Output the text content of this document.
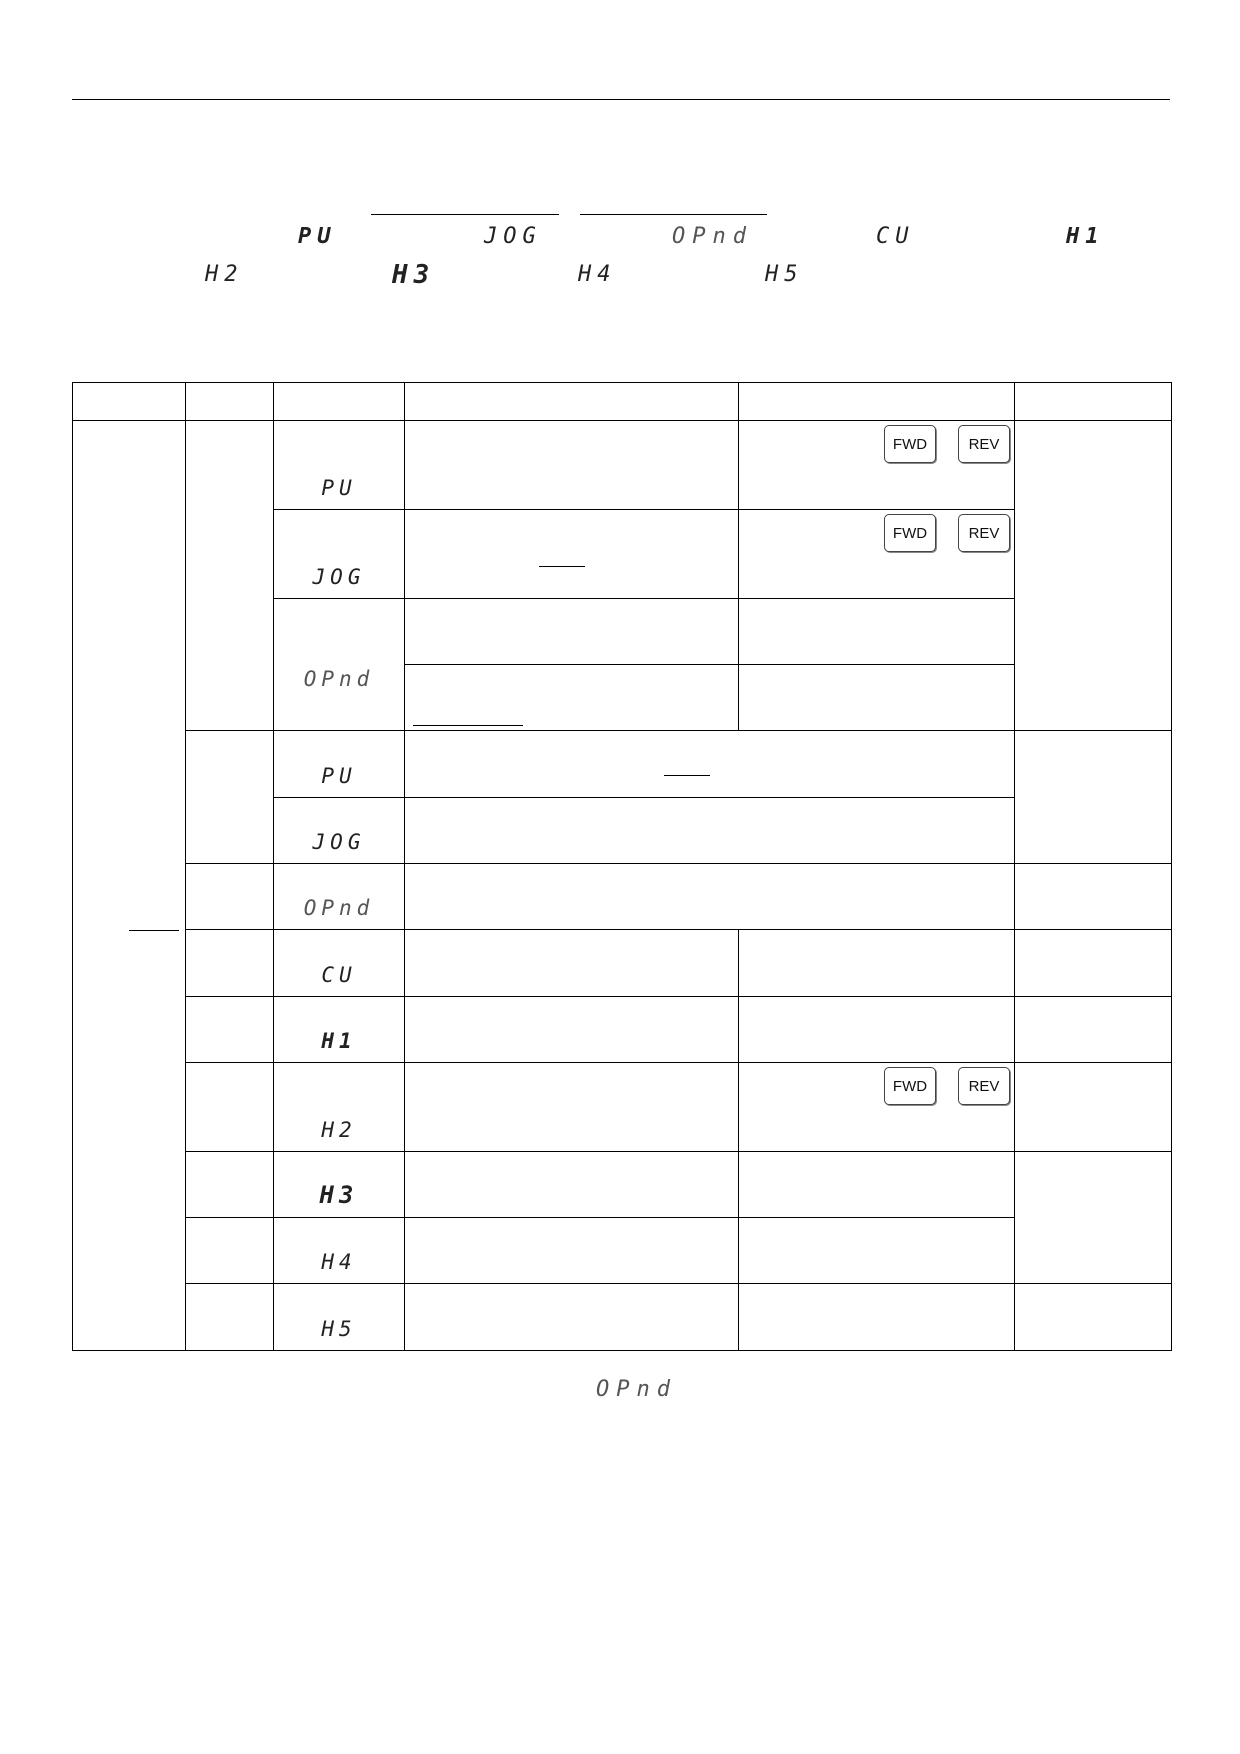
PU	JOG	OPnd	CU	H1
H2	H3	H4	H5

		PU		FWD REV	

		JOG		FWD REV	

		OPnd			

		PU			

		JOG			

		OPnd			

		CU			

		H1			

		H2		FWD REV	

		H3			

		H4			

		H5			

OPnd
